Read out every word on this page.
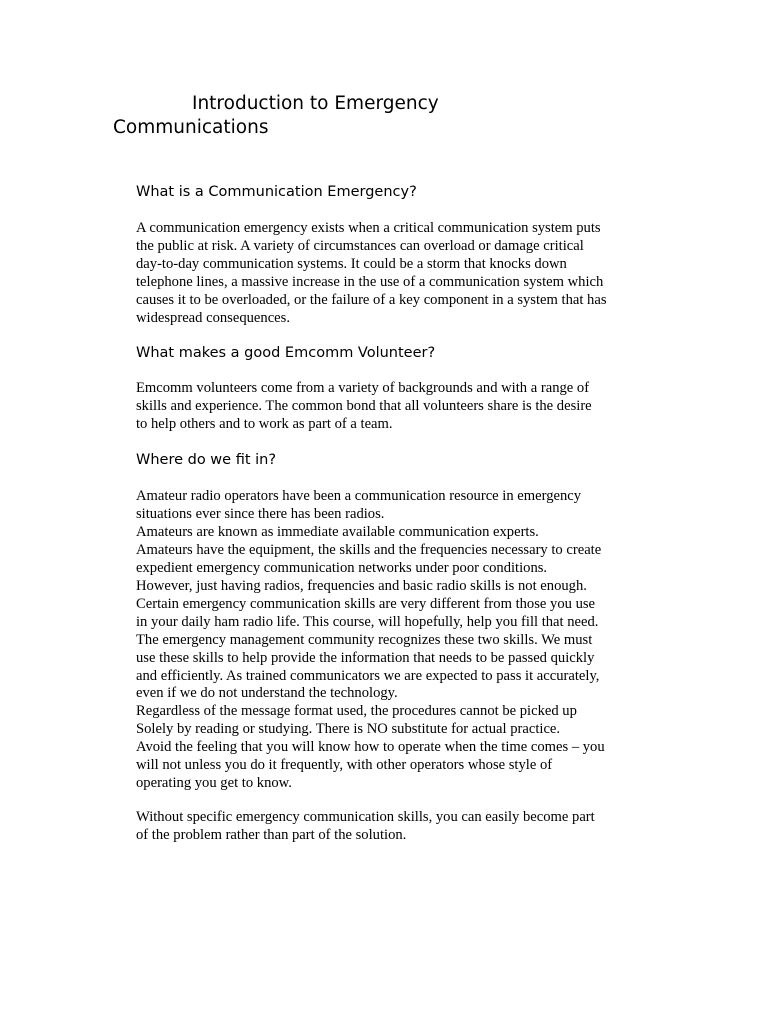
Introduction to Emergency
Communications
What is a Communication Emergency?
A communication emergency exists when a critical communication system puts
the public at risk. A variety of circumstances can overload or damage critical
day-to-day communication systems. It could be a storm that knocks down
telephone lines, a massive increase in the use of a communication system which
causes it to be overloaded, or the failure of a key component in a system that has
widespread consequences.
What makes a good Emcomm Volunteer?
Emcomm volunteers come from a variety of backgrounds and with a range of
skills and experience. The common bond that all volunteers share is the desire
to help others and to work as part of a team.
Where do we fit in?
Amateur radio operators have been a communication resource in emergency
situations ever since there has been radios.
Amateurs are known as immediate available communication experts.
Amateurs have the equipment, the skills and the frequencies necessary to create
expedient emergency communication networks under poor conditions.
However, just having radios, frequencies and basic radio skills is not enough.
Certain emergency communication skills are very different from those you use
in your daily ham radio life. This course, will hopefully, help you fill that need.
The emergency management community recognizes these two skills. We must
use these skills to help provide the information that needs to be passed quickly
and efficiently. As trained communicators we are expected to pass it accurately,
even if we do not understand the technology.
Regardless of the message format used, the procedures cannot be picked up
Solely by reading or studying. There is NO substitute for actual practice.
Avoid the feeling that you will know how to operate when the time comes – you
will not unless you do it frequently, with other operators whose style of
operating you get to know.
Without specific emergency communication skills, you can easily become part
of the problem rather than part of the solution.
